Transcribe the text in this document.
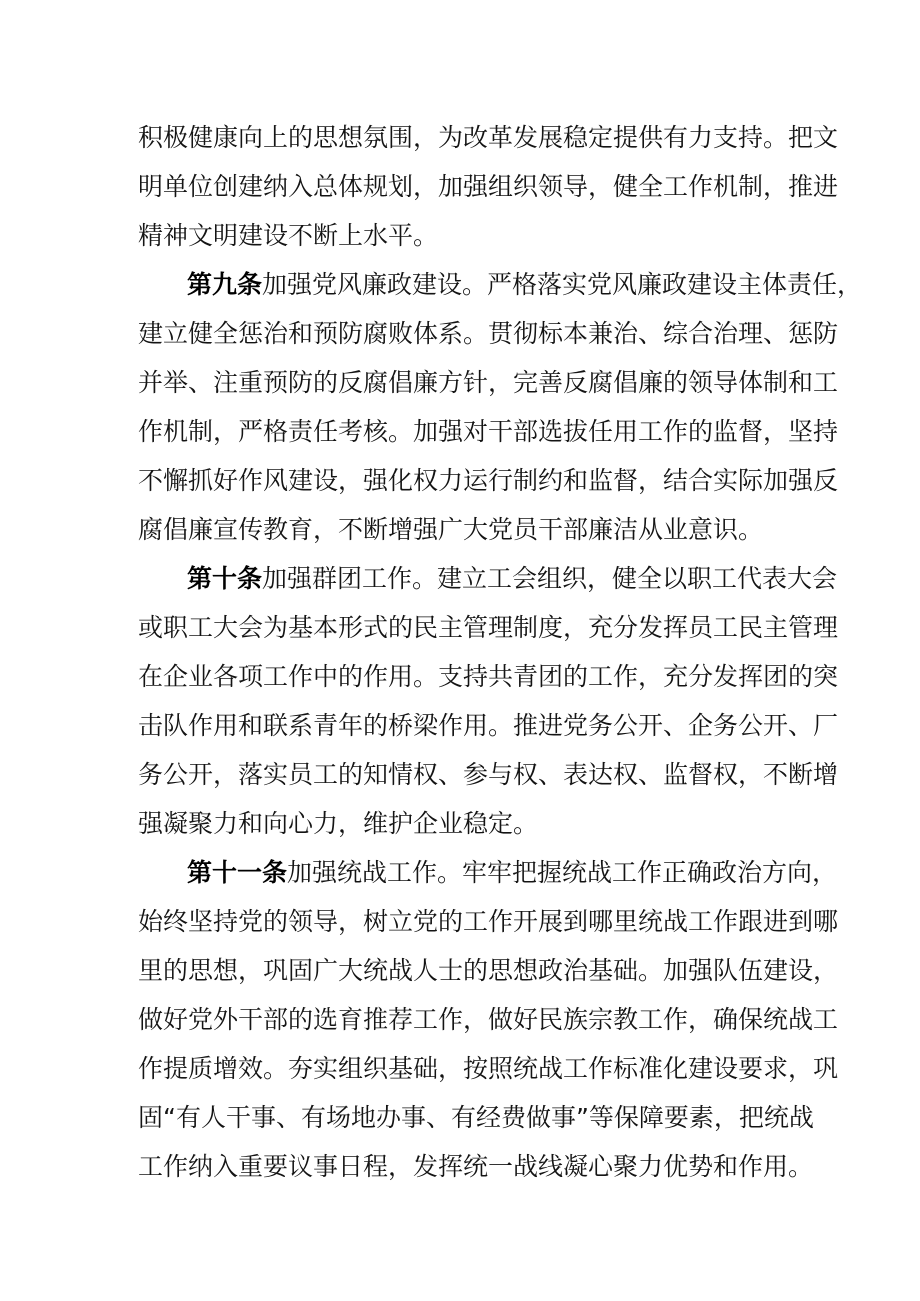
积极健康向上的思想氛围，为改革发展稳定提供有力支持。把文
明单位创建纳入总体规划，加强组织领导，健全工作机制，推进
精神文明建设不断上水平。
第九条加强党风廉政建设。严格落实党风廉政建设主体责任，
建立健全惩治和预防腐败体系。贯彻标本兼治、综合治理、惩防
并举、注重预防的反腐倡廉方针，完善反腐倡廉的领导体制和工
作机制，严格责任考核。加强对干部选拔任用工作的监督，坚持
不懈抓好作风建设，强化权力运行制约和监督，结合实际加强反
腐倡廉宣传教育，不断增强广大党员干部廉洁从业意识。
第十条加强群团工作。建立工会组织，健全以职工代表大会
或职工大会为基本形式的民主管理制度，充分发挥员工民主管理
在企业各项工作中的作用。支持共青团的工作，充分发挥团的突
击队作用和联系青年的桥梁作用。推进党务公开、企务公开、厂
务公开，落实员工的知情权、参与权、表达权、监督权，不断增
强凝聚力和向心力，维护企业稳定。
第十一条加强统战工作。牢牢把握统战工作正确政治方向，
始终坚持党的领导，树立党的工作开展到哪里统战工作跟进到哪
里的思想，巩固广大统战人士的思想政治基础。加强队伍建设，
做好党外干部的选育推荐工作，做好民族宗教工作，确保统战工
作提质增效。夯实组织基础，按照统战工作标准化建设要求，巩
固“有人干事、有场地办事、有经费做事”等保障要素，把统战
工作纳入重要议事日程，发挥统一战线凝心聚力优势和作用。
